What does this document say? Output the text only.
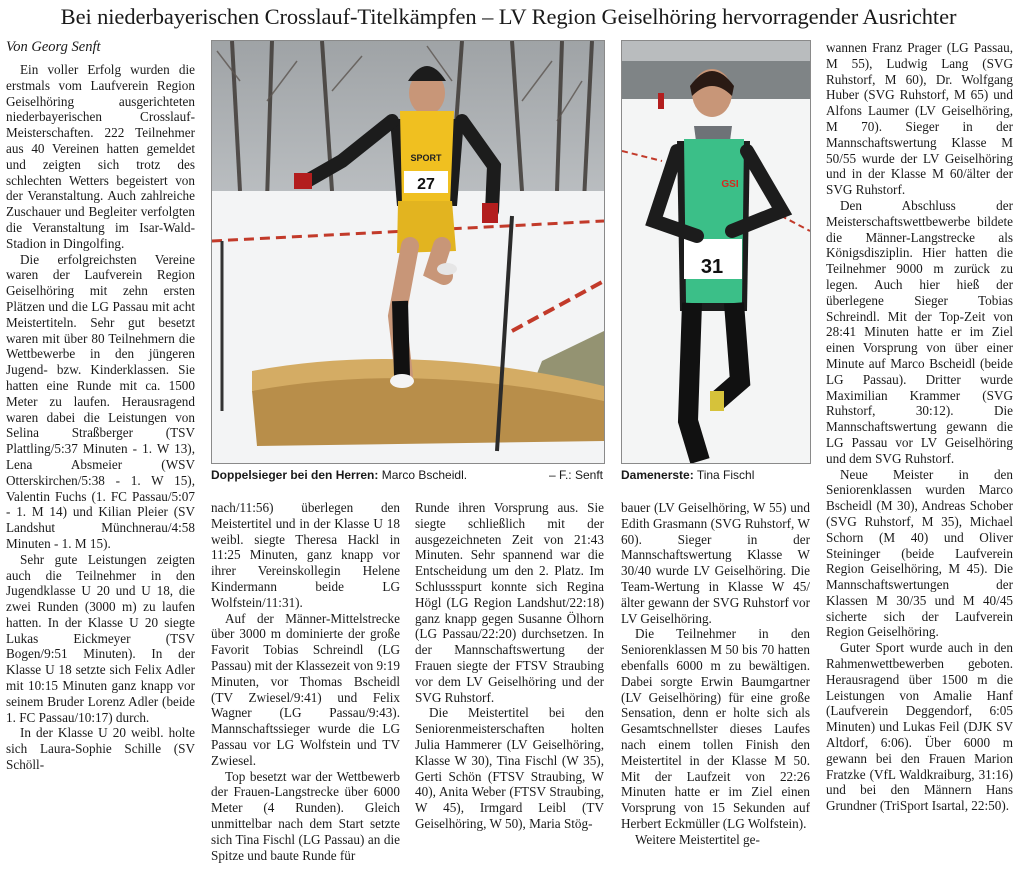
Bei niederbayerischen Crosslauf-Titelkämpfen – LV Region Geiselhöring hervorragender Ausrichter

Von Georg Senft

Ein voller Erfolg wurden die erstmals vom Laufverein Region Geiselhöring ausgerichteten niederbayerischen Crosslauf-Meisterschaften. 222 Teilnehmer aus 40 Vereinen hatten gemeldet und zeigten sich trotz des schlechten Wetters begeistert von der Veranstaltung. Auch zahlreiche Zuschauer und Begleiter verfolgten die Veranstaltung im Isar-Wald-Stadion in Dingolfing.

Die erfolgreichsten Vereine waren der Laufverein Region Geiselhöring mit zehn ersten Plätzen und die LG Passau mit acht Meistertiteln. Sehr gut besetzt waren mit über 80 Teilnehmern die Wettbewerbe in den jüngeren Jugend- bzw. Kinderklassen. Sie hatten eine Runde mit ca. 1500 Meter zu laufen. Herausragend waren dabei die Leistungen von Selina Straßberger (TSV Plattling/5:37 Minuten - 1. W 13), Lena Absmeier (WSV Otterskirchen/5:38 - 1. W 15), Valentin Fuchs (1. FC Passau/5:07 - 1. M 14) und Kilian Pleier (SV Landshut Münchnerau/4:58 Minuten - 1. M 15).

Sehr gute Leistungen zeigten auch die Teilnehmer in den Jugendklasse U 20 und U 18, die zwei Runden (3000 m) zu laufen hatten. In der Klasse U 20 siegte Lukas Eickmeyer (TSV Bogen/9:51 Minuten). In der Klasse U 18 setzte sich Felix Adler mit 10:15 Minuten ganz knapp vor seinem Bruder Lorenz Adler (beide 1. FC Passau/10:17) durch.

In der Klasse U 20 weibl. holte sich Laura-Sophie Schille (SV Schöll-

27
SPORT
Doppelsieger bei den Herren: Marco Bscheidl.	– F.: Senft
31
GSI
Damenerste: Tina Fischl

nach/11:56) überlegen den Meistertitel und in der Klasse U 18 weibl. siegte Theresa Hackl in 11:25 Minuten, ganz knapp vor ihrer Vereinskollegin Helene Kindermann beide LG Wolfstein/11:31).

Auf der Männer-Mittelstrecke über 3000 m dominierte der große Favorit Tobias Schreindl (LG Passau) mit der Klassezeit von 9:19 Minuten, vor Thomas Bscheidl (TV Zwiesel/9:41) und Felix Wagner (LG Passau/9:43). Mannschaftssieger wurde die LG Passau vor LG Wolfstein und TV Zwiesel.

Top besetzt war der Wettbewerb der Frauen-Langstrecke über 6000 Meter (4 Runden). Gleich unmittelbar nach dem Start setzte sich Tina Fischl (LG Passau) an die Spitze und baute Runde für

Runde ihren Vorsprung aus. Sie siegte schließlich mit der ausgezeichneten Zeit von 21:43 Minuten. Sehr spannend war die Entscheidung um den 2. Platz. Im Schlussspurt konnte sich Regina Högl (LG Region Landshut/22:18) ganz knapp gegen Susanne Ölhorn (LG Passau/22:20) durchsetzen. In der Mannschaftswertung der Frauen siegte der FTSV Straubing vor dem LV Geiselhöring und der SVG Ruhstorf.

Die Meistertitel bei den Seniorenmeisterschaften holten Julia Hammerer (LV Geiselhöring, Klasse W 30), Tina Fischl (W 35), Gerti Schön (FTSV Straubing, W 40), Anita Weber (FTSV Straubing, W 45), Irmgard Leibl (TV Geiselhöring, W 50), Maria Stög-

bauer (LV Geiselhöring, W 55) und Edith Grasmann (SVG Ruhstorf, W 60). Sieger in der Mannschaftswertung Klasse W 30/40 wurde LV Geiselhöring. Die Team-Wertung in Klasse W 45/älter gewann der SVG Ruhstorf vor LV Geiselhöring.

Die Teilnehmer in den Seniorenklassen M 50 bis 70 hatten ebenfalls 6000 m zu bewältigen. Dabei sorgte Erwin Baumgartner (LV Geiselhöring) für eine große Sensation, denn er holte sich als Gesamtschnellster dieses Laufes nach einem tollen Finish den Meistertitel in der Klasse M 50. Mit der Laufzeit von 22:26 Minuten hatte er im Ziel einen Vorsprung von 15 Sekunden auf Herbert Eckmüller (LG Wolfstein).

Weitere Meistertitel ge-

wannen Franz Prager (LG Passau, M 55), Ludwig Lang (SVG Ruhstorf, M 60), Dr. Wolfgang Huber (SVG Ruhstorf, M 65) und Alfons Laumer (LV Geiselhöring, M 70). Sieger in der Mannschaftswertung Klasse M 50/55 wurde der LV Geiselhöring und in der Klasse M 60/älter der SVG Ruhstorf.

Den Abschluss der Meisterschaftswettbewerbe bildete die Männer-Langstrecke als Königsdisziplin. Hier hatten die Teilnehmer 9000 m zurück zu legen. Auch hier hieß der überlegene Sieger Tobias Schreindl. Mit der Top-Zeit von 28:41 Minuten hatte er im Ziel einen Vorsprung von über einer Minute auf Marco Bscheidl (beide LG Passau). Dritter wurde Maximilian Krammer (SVG Ruhstorf, 30:12). Die Mannschaftswertung gewann die LG Passau vor LV Geiselhöring und dem SVG Ruhstorf.

Neue Meister in den Seniorenklassen wurden Marco Bscheidl (M 30), Andreas Schober (SVG Ruhstorf, M 35), Michael Schorn (M 40) und Oliver Steininger (beide Laufverein Region Geiselhöring, M 45). Die Mannschaftswertungen der Klassen M 30/35 und M 40/45 sicherte sich der Laufverein Region Geiselhöring.

Guter Sport wurde auch in den Rahmenwettbewerben geboten. Herausragend über 1500 m die Leistungen von Amalie Hanf (Laufverein Deggendorf, 6:05 Minuten) und Lukas Feil (DJK SV Altdorf, 6:06). Über 6000 m gewann bei den Frauen Marion Fratzke (VfL Waldkraiburg, 31:16) und bei den Männern Hans Grundner (TriSport Isartal, 22:50).
